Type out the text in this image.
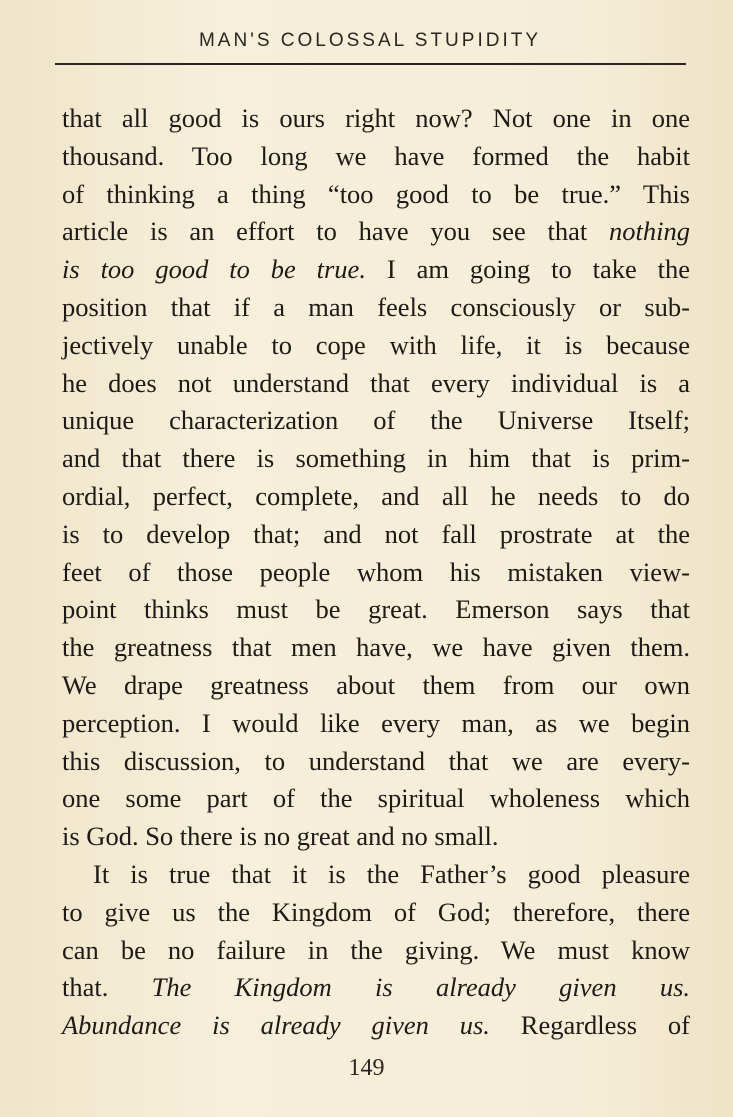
MAN'S COLOSSAL STUPIDITY
that all good is ours right now? Not one in one
thousand. Too long we have formed the habit
of thinking a thing “too good to be true.” This
article is an effort to have you see that nothing
is too good to be true. I am going to take the
position that if a man feels consciously or sub-
jectively unable to cope with life, it is because
he does not understand that every individual is a
unique characterization of the Universe Itself;
and that there is something in him that is prim-
ordial, perfect, complete, and all he needs to do
is to develop that; and not fall prostrate at the
feet of those people whom his mistaken view-
point thinks must be great. Emerson says that
the greatness that men have, we have given them.
We drape greatness about them from our own
perception. I would like every man, as we begin
this discussion, to understand that we are every-
one some part of the spiritual wholeness which
is God. So there is no great and no small.
It is true that it is the Father’s good pleasure
to give us the Kingdom of God; therefore, there
can be no failure in the giving. We must know
that. The Kingdom is already given us.
Abundance is already given us. Regardless of
149
